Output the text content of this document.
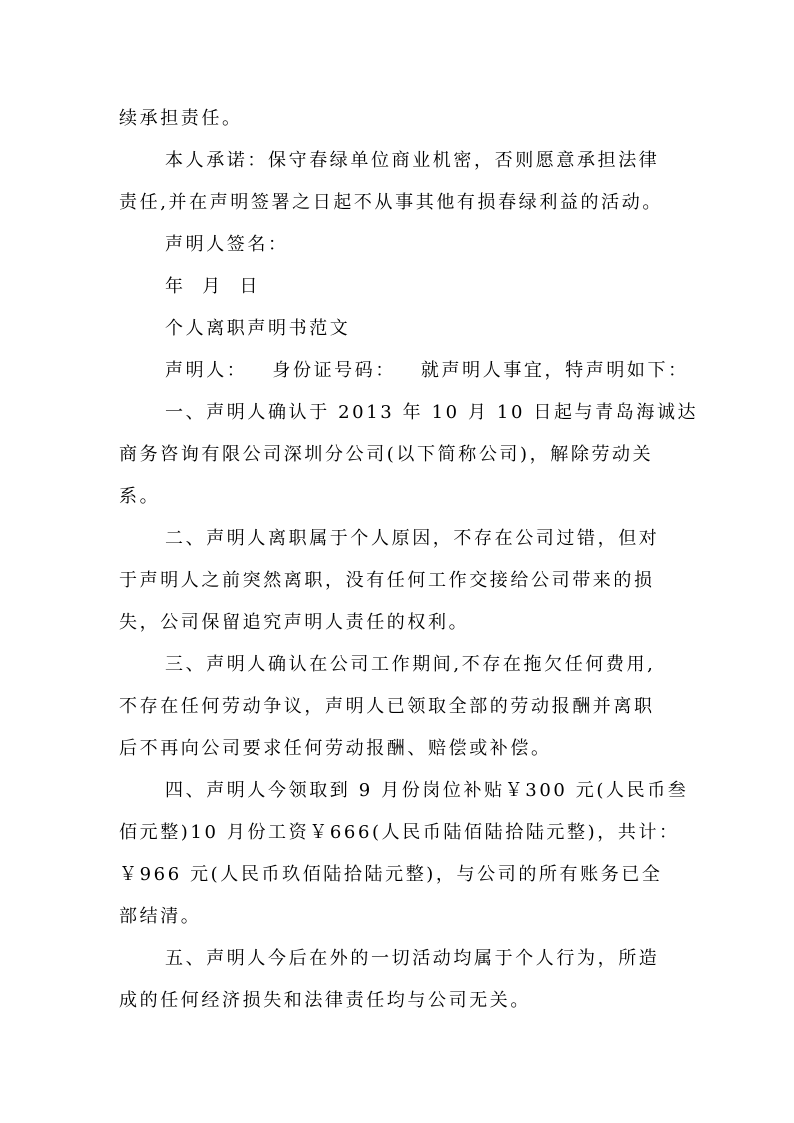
续承担责任。
本人承诺：保守春绿单位商业机密，否则愿意承担法律
责任,并在声明签署之日起不从事其他有损春绿利益的活动。
声明人签名：
年  月  日
个人离职声明书范文
声明人：   身份证号码：   就声明人事宜，特声明如下：
一、声明人确认于 2013 年 10 月 10 日起与青岛海诚达
商务咨询有限公司深圳分公司(以下简称公司)，解除劳动关
系。
二、声明人离职属于个人原因，不存在公司过错，但对
于声明人之前突然离职，没有任何工作交接给公司带来的损
失，公司保留追究声明人责任的权利。
三、声明人确认在公司工作期间,不存在拖欠任何费用,
不存在任何劳动争议，声明人已领取全部的劳动报酬并离职
后不再向公司要求任何劳动报酬、赔偿或补偿。
四、声明人今领取到 9 月份岗位补贴￥300 元(人民币叁
佰元整)10 月份工资￥666(人民币陆佰陆拾陆元整)，共计：
￥966 元(人民币玖佰陆拾陆元整)，与公司的所有账务已全
部结清。
五、声明人今后在外的一切活动均属于个人行为，所造
成的任何经济损失和法律责任均与公司无关。
